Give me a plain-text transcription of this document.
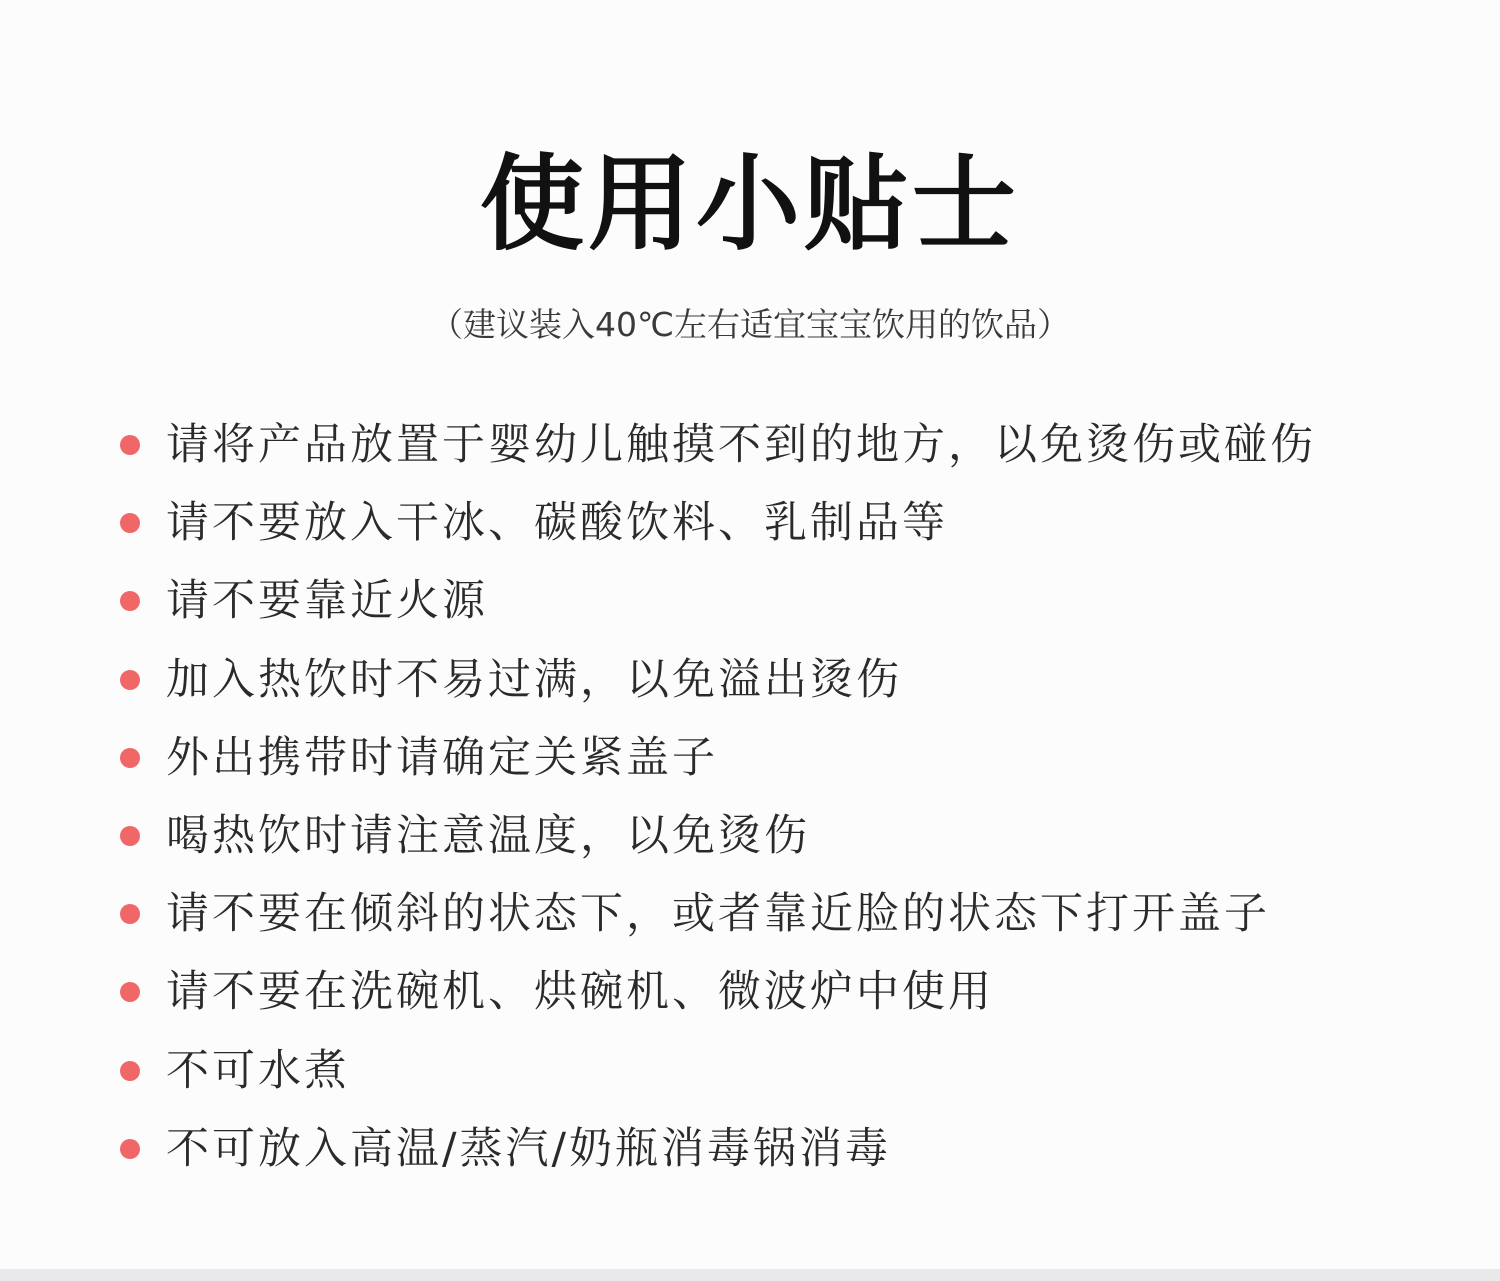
使用小贴士
（建议装入40℃左右适宜宝宝饮用的饮品）
请将产品放置于婴幼儿触摸不到的地方，以免烫伤或碰伤
请不要放入干冰、碳酸饮料、乳制品等
请不要靠近火源
加入热饮时不易过满，以免溢出烫伤
外出携带时请确定关紧盖子
喝热饮时请注意温度，以免烫伤
请不要在倾斜的状态下，或者靠近脸的状态下打开盖子
请不要在洗碗机、烘碗机、微波炉中使用
不可水煮
不可放入高温/蒸汽/奶瓶消毒锅消毒
